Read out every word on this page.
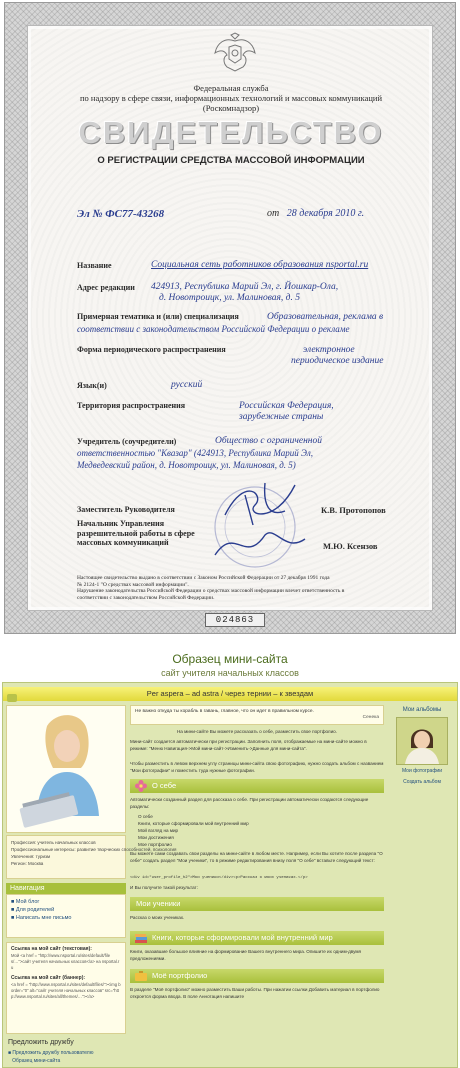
Федеральная служба
по надзору в сфере связи, информационных технологий и массовых коммуникаций
(Роскомнадзор)
СВИДЕТЕЛЬСТВО
О РЕГИСТРАЦИИ СРЕДСТВА МАССОВОЙ ИНФОРМАЦИИ
Эл № ФС77-43268	от 28 декабря 2010 г.
Название	Социальная сеть работников образования nsportal.ru
Адрес редакции	424913, Республика Марий Эл, г. Йошкар-Ола,
д. Новотроицк, ул. Малиновая, д. 5
Примерная тематика и (или) специализация	Образовательная, реклама в
соответствии с законодательством Российской Федерации о рекламе
Форма периодического распространения	электронное
периодическое издание
Язык(и)	русский
Территория распространения	Российская Федерация,
зарубежные страны
Учредитель (соучредители)	Общество с ограниченной
ответственностью "Квазар" (424913, Республика Марий Эл,
Медведевский район, д. Новотроицк, ул. Малиновая, д. 5)
Заместитель Руководителя	К.В. Протопопов
Начальник Управления
разрешительной работы в сфере
массовых коммуникаций	М.Ю. Ксензов
Настоящее свидетельство выдано в соответствии с Законом Российской Федерации от 27 декабря 1991 года
№ 2124-1 "О средствах массовой информации".
Нарушение законодательства Российской Федерации о средствах массовой информации влечет ответственность в
соответствии с законодательством Российской Федерации.
024863
Образец мини-сайта
сайт учителя начальных классов
Per aspera – ad astra / через тернии – к звездам
Профессия: учитель начальных классов
Профессиональные интересы: развитие творческих способностей, психология
Увлечения: туризм
Регион: Москва
Навигация
■ Мой блог
■ Для родителей
■ Написать мне письмо
Ссылка на мой сайт (текстовая):
Мой <a href = "http://www.nsportal.ru/sites/default/files/…">сайт учителя начальных классов</a> на nsportal.ru
Ссылка на мой сайт (баннер):
<a href = "http://www.nsportal.ru/sites/default/files/"><img border="0" alt="сайт учителя начальных классов" src="http://www.nsportal.ru/sites/all/themes/…"></a>
Предложить дружбу
■ Предложить дружбу пользователю
Образец мини-сайта
Не важно откуда ты корабль в гавань, главное, что он идет в правильном курсе.
Сенека
На мини-сайте Вы можете рассказать о себе, разместить свое портфолио.
Мини-сайт создается автоматически при регистрации. Заполнить поля, отображаемые на мини-сайте можно в режиме: "Меню Навигация->Мой мини-сайт->Изменить->Данные для мини-сайта".
Чтобы разместить в левом верхнем углу страницы мини-сайта свою фотографию, нужно создать альбом с названием "Мои фотографии" и поместить туда нужные фотографии.
О себе
Автоматически созданный раздел для рассказа о себе. При регистрации автоматически создаются следующие разделы:
О себе
Книги, которые сформировали мой внутренний мир
Мой взгляд на мир
Мои достижения
Мое портфолио
Вы можете сами создавать свои разделы на мини-сайте в любом месте. Например, если Вы хотите после раздела "О себе" создать раздел "Мои ученики", то в режиме редактирования внизу поля "О себе" вставьте следующий текст:
<div id="user_profile_h2">Мои ученики</div><p>Рассказ о моих учениках.</p>
И Вы получите такой результат:
Мои ученики
Рассказ о моих учениках.
Книги, которые сформировали мой внутренний мир
Книги, оказавшие большое влияние на формирование Вашего внутреннего мира. Опишите их одним-двумя предложениями.
Моё портфолио
В разделе "Моё портфолио" можно разместить Ваши работы. При нажатии ссылки Добавить материал в портфолио откроется форма ввода. В поле Аннотация напишите
Мои альбомы
Мои фотографии
Создать альбом
